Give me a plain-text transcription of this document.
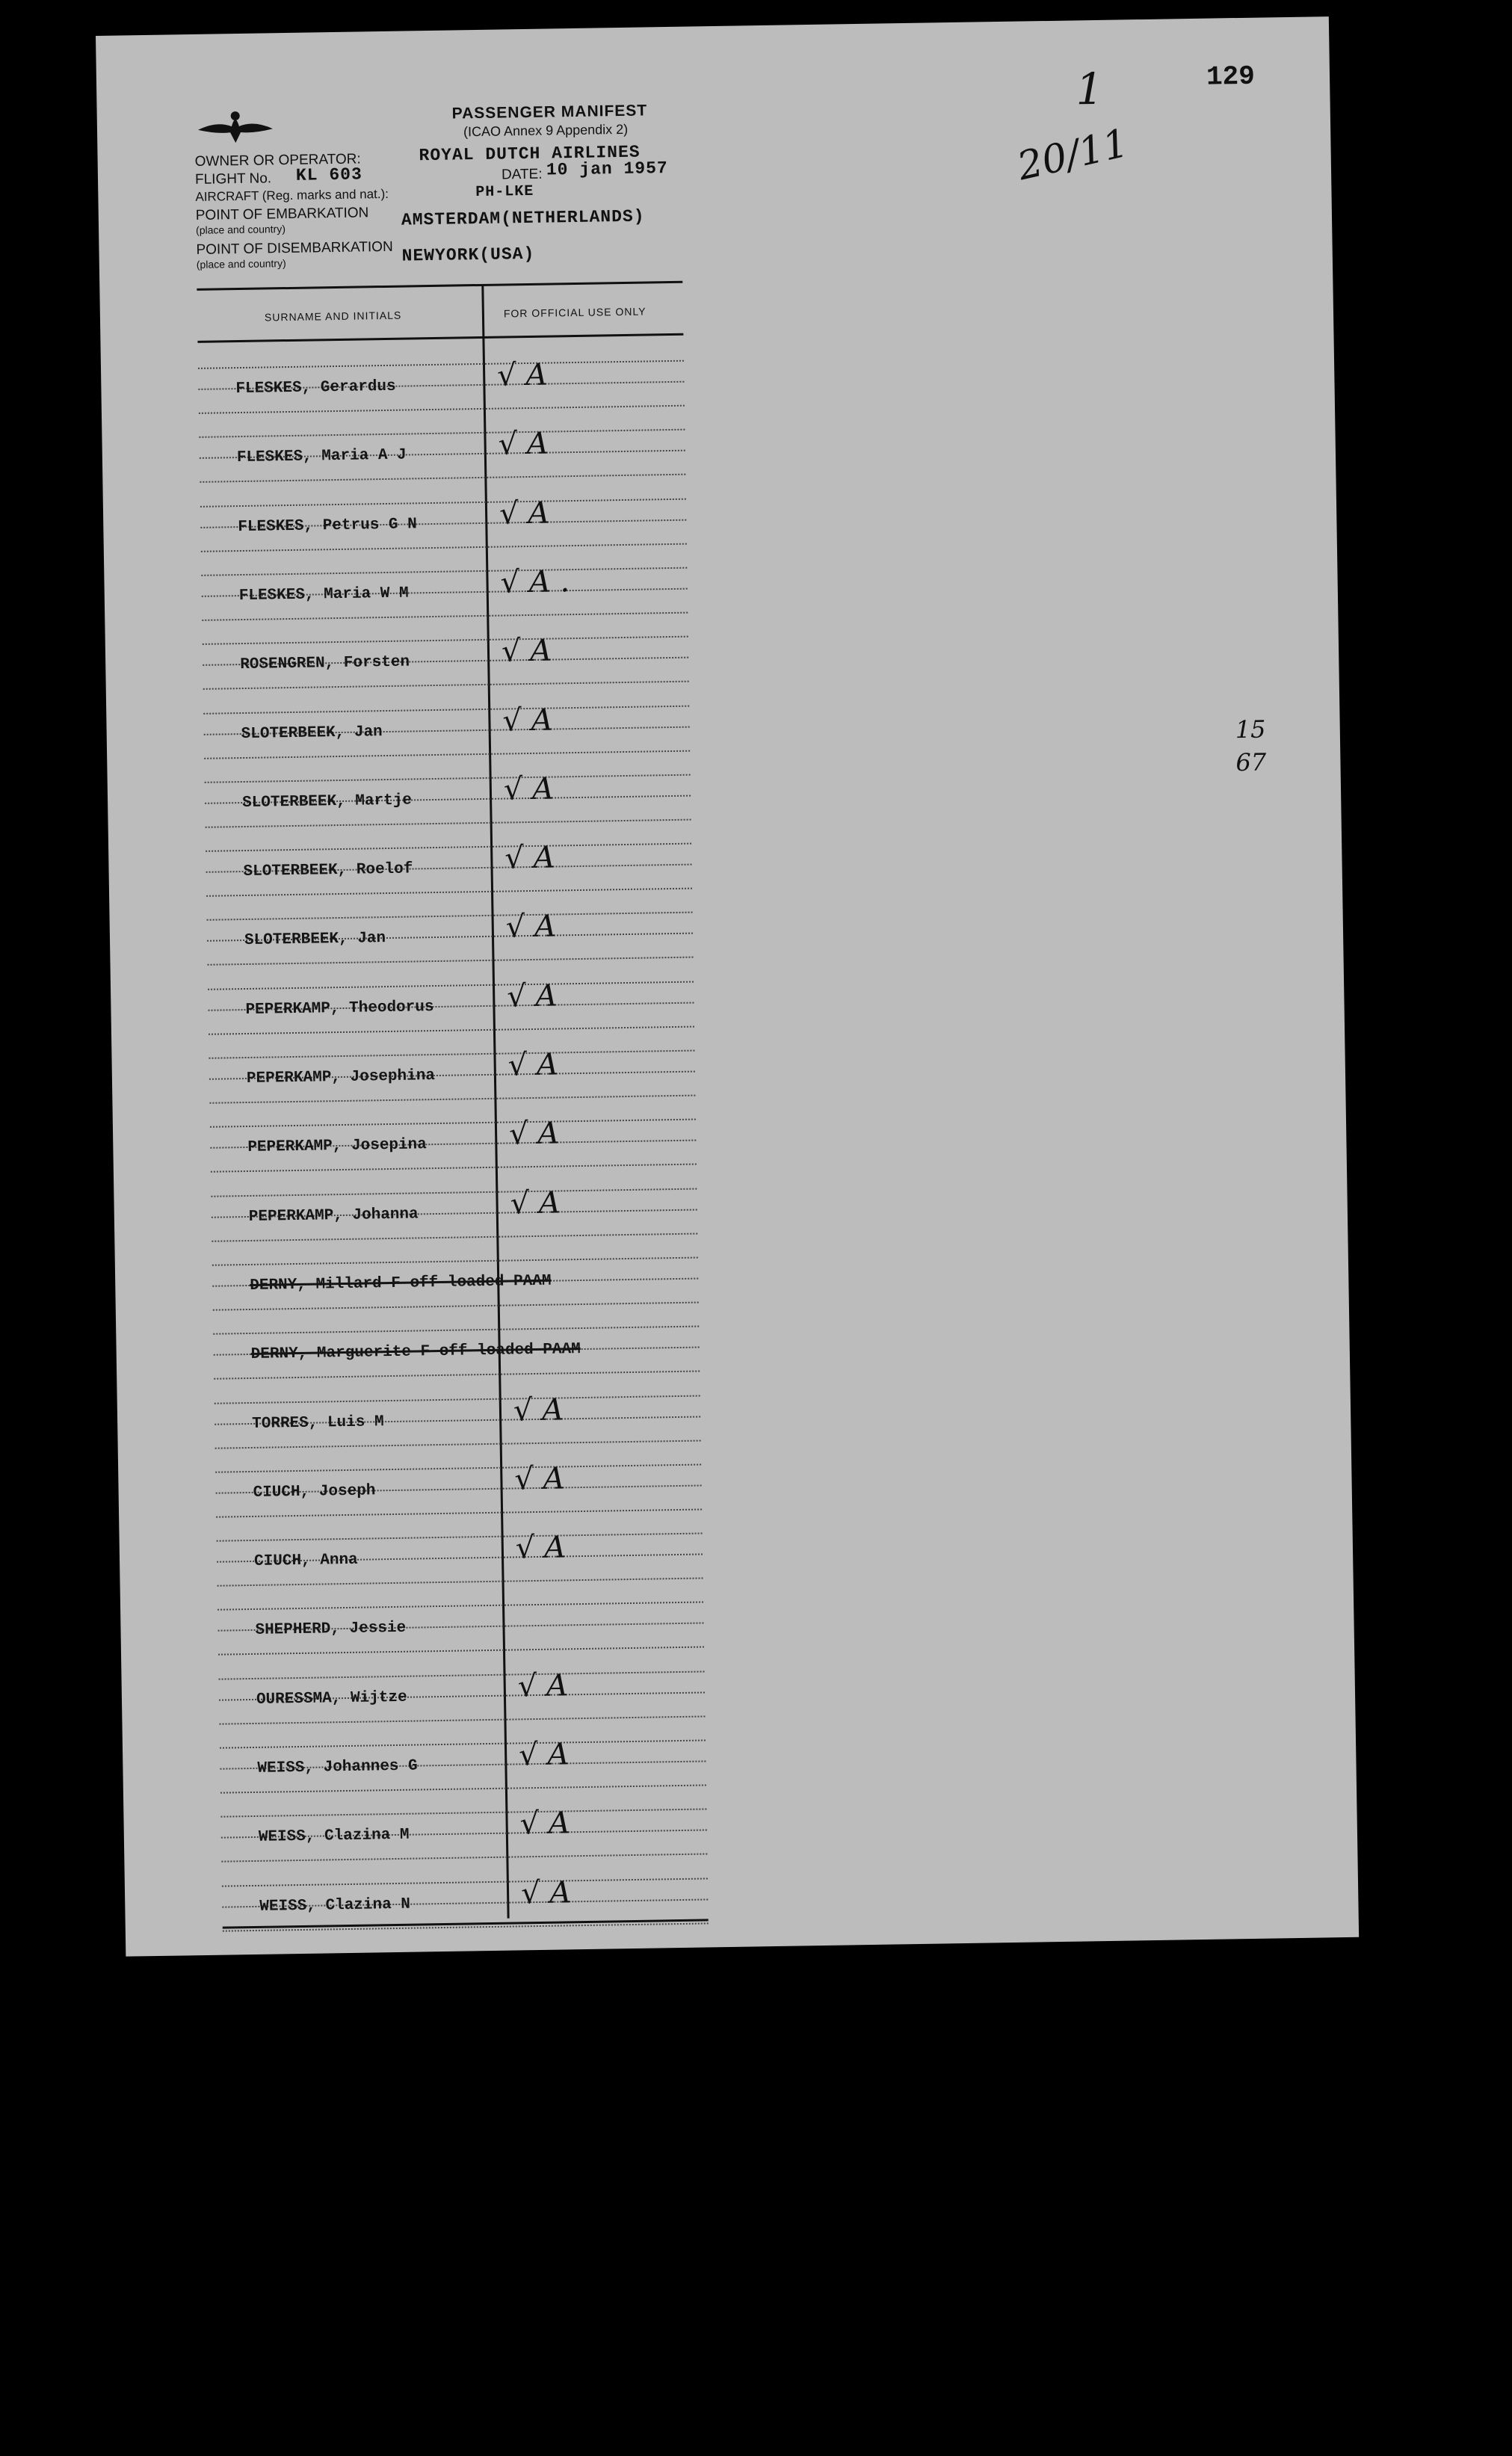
129
1
20/11
15
67
PASSENGER MANIFEST
(ICAO Annex 9 Appendix 2)
OWNER OR OPERATOR:	ROYAL DUTCH AIRLINES
FLIGHT No. KL 603	DATE: 10 jan 1957
AIRCRAFT (Reg. marks and nat.):	PH-LKE
POINT OF EMBARKATION
(place and country)	AMSTERDAM(NETHERLANDS)
POINT OF DISEMBARKATION
(place and country)	NEWYORK(USA)
SURNAME AND INITIALS	FOR OFFICIAL USE ONLY
FLESKES, Gerardus	√ A
FLESKES, Maria A J	√ A
FLESKES, Petrus G N	√ A
FLESKES, Maria W M	√ A .
ROSENGREN, Forsten	√ A
SLOTERBEEK, Jan	√ A
SLOTERBEEK, Martje	√ A
SLOTERBEEK, Roelof	√ A
SLOTERBEEK, Jan	√ A
PEPERKAMP, Theodorus √ A
PEPERKAMP, Josephina √ A
PEPERKAMP, Josepina	√ A
PEPERKAMP, Johanna	√ A
DERNY, Millard F off loaded PAAM
DERNY, Marguerite F off loaded PAAM
TORRES, Luis M	√ A
CIUCH, Joseph	√ A
CIUCH, Anna	√ A
SHEPHERD, Jessie
OURESSMA, Wijtze	√ A
WEISS, Johannes G	√ A
WEISS, Clazina M	√ A
WEISS, Clazina N	√ A
